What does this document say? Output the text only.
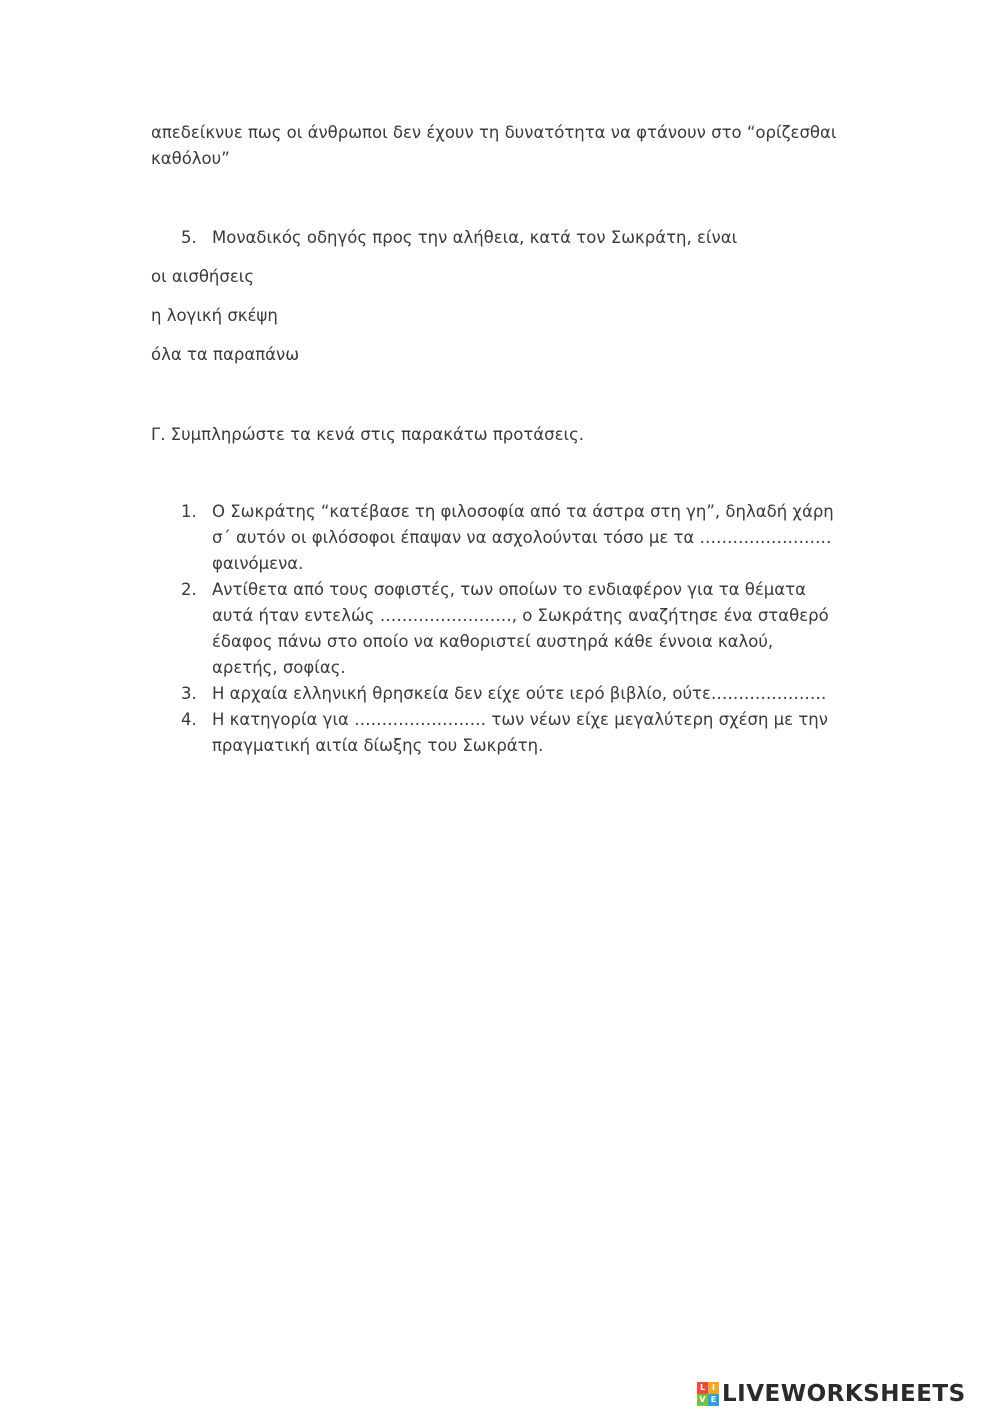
απεδείκνυε πως οι άνθρωποι δεν έχουν τη δυνατότητα να φτάνουν στο “ορίζεσθαι καθόλου”
5. Μοναδικός οδηγός προς την αλήθεια, κατά τον Σωκράτη, είναι
οι αισθήσεις
η λογική σκέψη
όλα τα παραπάνω
Γ. Συμπληρώστε τα κενά στις παρακάτω προτάσεις.
1. Ο Σωκράτης “κατέβασε τη φιλοσοφία από τα άστρα στη γη”, δηλαδή χάρη σ΄ αυτόν οι φιλόσοφοι έπαψαν να ασχολούνται τόσο με τα …………………… φαινόμενα.
2. Αντίθετα από τους σοφιστές, των οποίων το ενδιαφέρον για τα θέματα αυτά ήταν εντελώς ……………………, ο Σωκράτης αναζήτησε ένα σταθερό έδαφος πάνω στο οποίο να καθοριστεί αυστηρά κάθε έννοια καλού, αρετής, σοφίας.
3. Η αρχαία ελληνική θρησκεία δεν είχε ούτε ιερό βιβλίο, ούτε…………………
4. Η κατηγορία για …………………… των νέων είχε μεγαλύτερη σχέση με την πραγματική αιτία δίωξης του Σωκράτη.
L I
V E LIVEWORKSHEETS
